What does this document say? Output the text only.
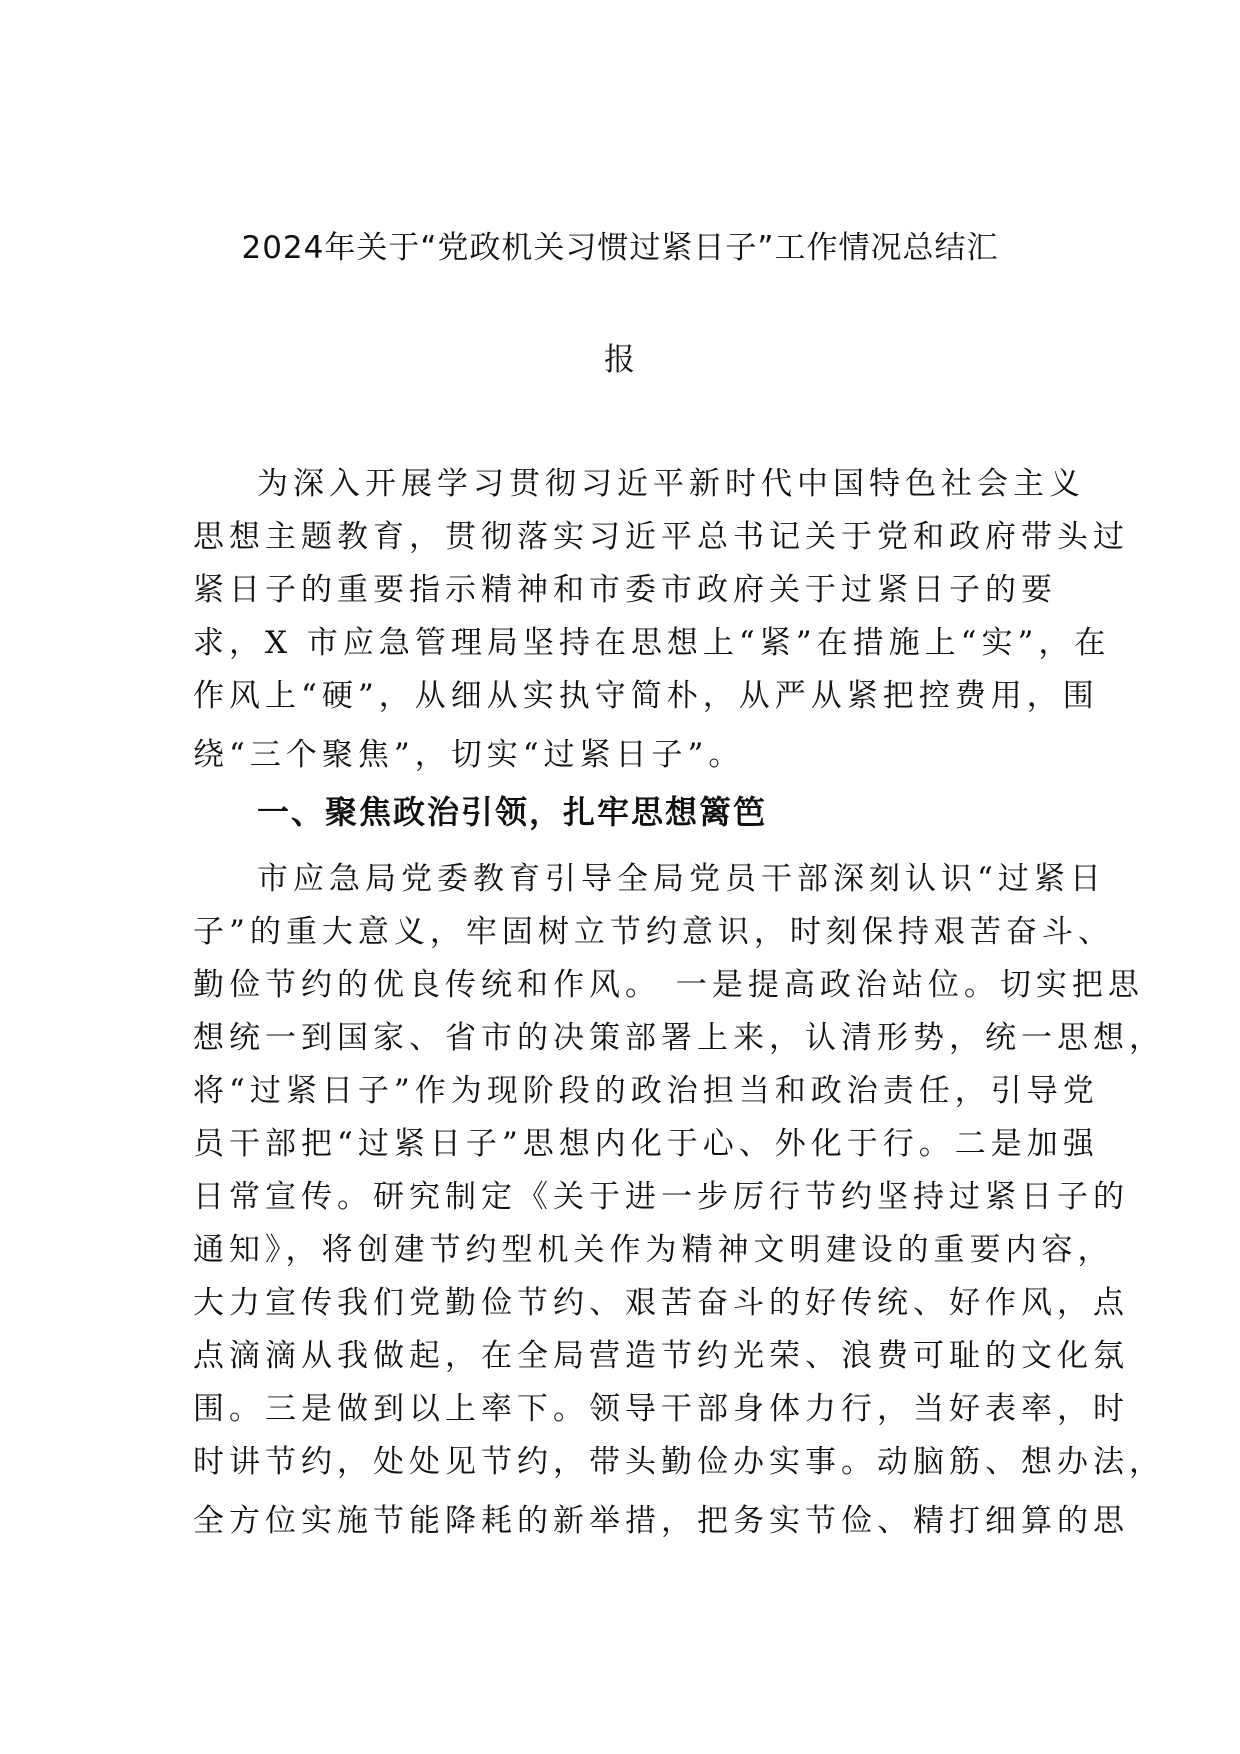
2024年关于“党政机关习惯过紧日子”工作情况总结汇
报
为深入开展学习贯彻习近平新时代中国特色社会主义
思想主题教育，贯彻落实习近平总书记关于党和政府带头过
紧日子的重要指示精神和市委市政府关于过紧日子的要
求，X 市应急管理局坚持在思想上“紧”在措施上“实”，在
作风上“硬”，从细从实执守简朴，从严从紧把控费用，围
绕“三个聚焦”，切实“过紧日子”。
一、聚焦政治引领，扎牢思想篱笆
市应急局党委教育引导全局党员干部深刻认识“过紧日
子”的重大意义，牢固树立节约意识，时刻保持艰苦奋斗、
勤俭节约的优良传统和作风。 一是提高政治站位。切实把思
想统一到国家、省市的决策部署上来，认清形势，统一思想，
将“过紧日子”作为现阶段的政治担当和政治责任，引导党
员干部把“过紧日子”思想内化于心、外化于行。二是加强
日常宣传。研究制定《关于进一步厉行节约坚持过紧日子的
通知》，将创建节约型机关作为精神文明建设的重要内容，
大力宣传我们党勤俭节约、艰苦奋斗的好传统、好作风，点
点滴滴从我做起，在全局营造节约光荣、浪费可耻的文化氛
围。三是做到以上率下。领导干部身体力行，当好表率，时
时讲节约，处处见节约，带头勤俭办实事。动脑筋、想办法，
全方位实施节能降耗的新举措，把务实节俭、精打细算的思
